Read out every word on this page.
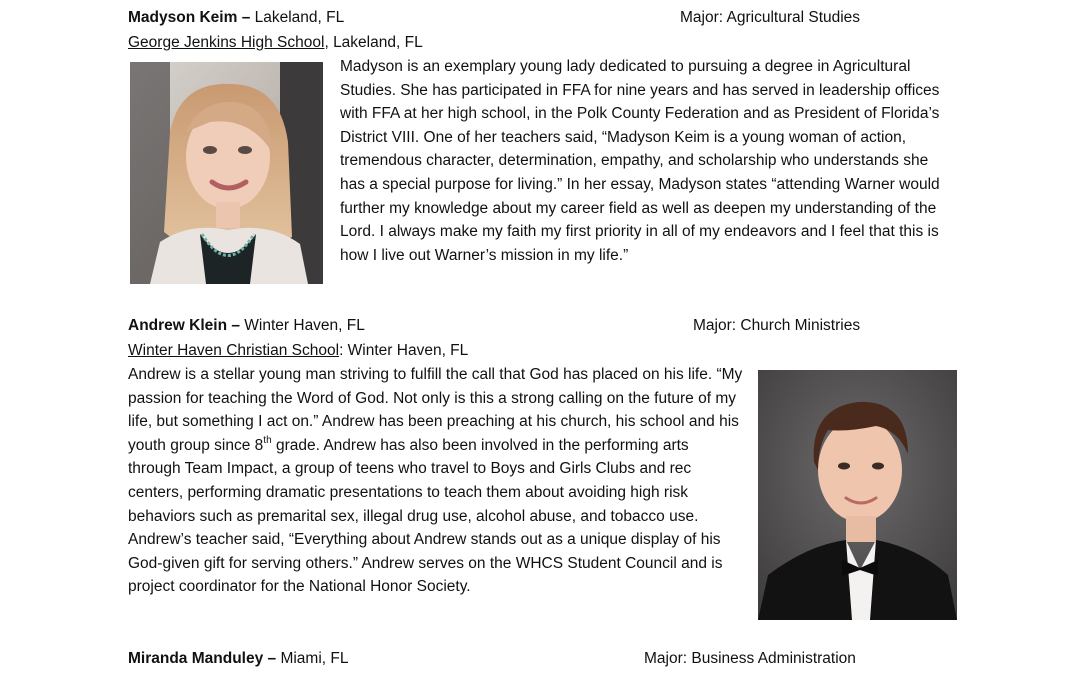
Madyson Keim – Lakeland, FL	Major: Agricultural Studies
George Jenkins High School, Lakeland, FL
Madyson is an exemplary young lady dedicated to pursuing a degree in Agricultural Studies. She has participated in FFA for nine years and has served in leadership offices with FFA at her high school, in the Polk County Federation and as President of Florida’s District VIII. One of her teachers said, “Madyson Keim is a young woman of action, tremendous character, determination, empathy, and scholarship who understands she has a special purpose for living.” In her essay, Madyson states “attending Warner would further my knowledge about my career field as well as deepen my understanding of the Lord. I always make my faith my first priority in all of my endeavors and I feel that this is how I live out Warner’s mission in my life.”
Andrew Klein – Winter Haven, FL	Major: Church Ministries
Winter Haven Christian School: Winter Haven, FL
Andrew is a stellar young man striving to fulfill the call that God has placed on his life. “My passion for teaching the Word of God. Not only is this a strong calling on the future of my life, but something I act on.” Andrew has been preaching at his church, his school and his youth group since 8th grade. Andrew has also been involved in the performing arts through Team Impact, a group of teens who travel to Boys and Girls Clubs and rec centers, performing dramatic presentations to teach them about avoiding high risk behaviors such as premarital sex, illegal drug use, alcohol abuse, and tobacco use. Andrew’s teacher said, “Everything about Andrew stands out as a unique display of his God-given gift for serving others.” Andrew serves on the WHCS Student Council and is project coordinator for the National Honor Society.
Miranda Manduley – Miami, FL	Major: Business Administration
